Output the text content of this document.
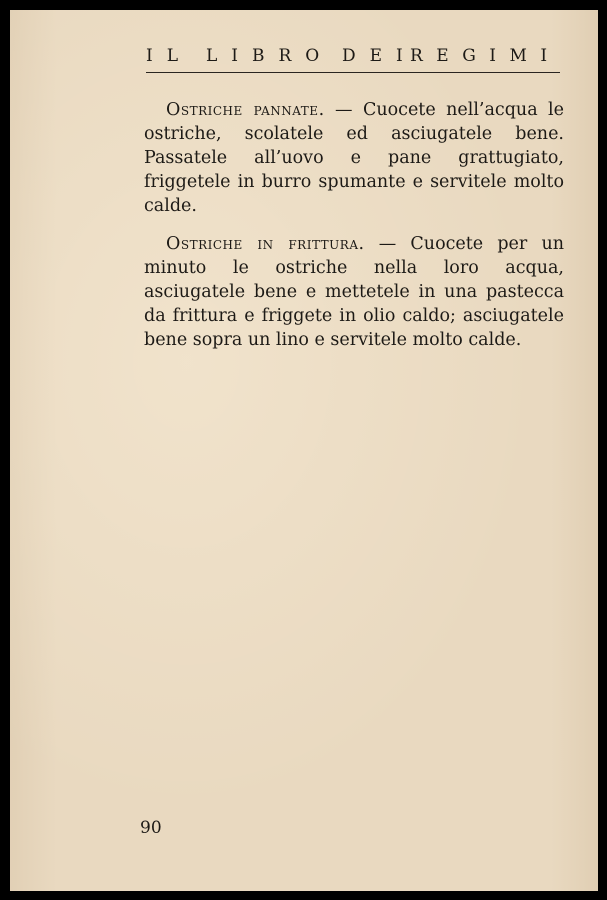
IL LIBRO DEI
REGIMI

Ostriche pannate. — Cuocete nell’acqua le ostriche, scolatele ed asciugatele bene. Passatele all’uovo e pane grattugiato, friggetele in burro spumante e servitele molto calde.

Ostriche in frittura. — Cuocete per un minuto le ostriche nella loro acqua, asciugatele bene e mettetele in una pastecca da frittura e friggete in olio caldo; asciugatele bene sopra un lino e servitele molto calde.

90
